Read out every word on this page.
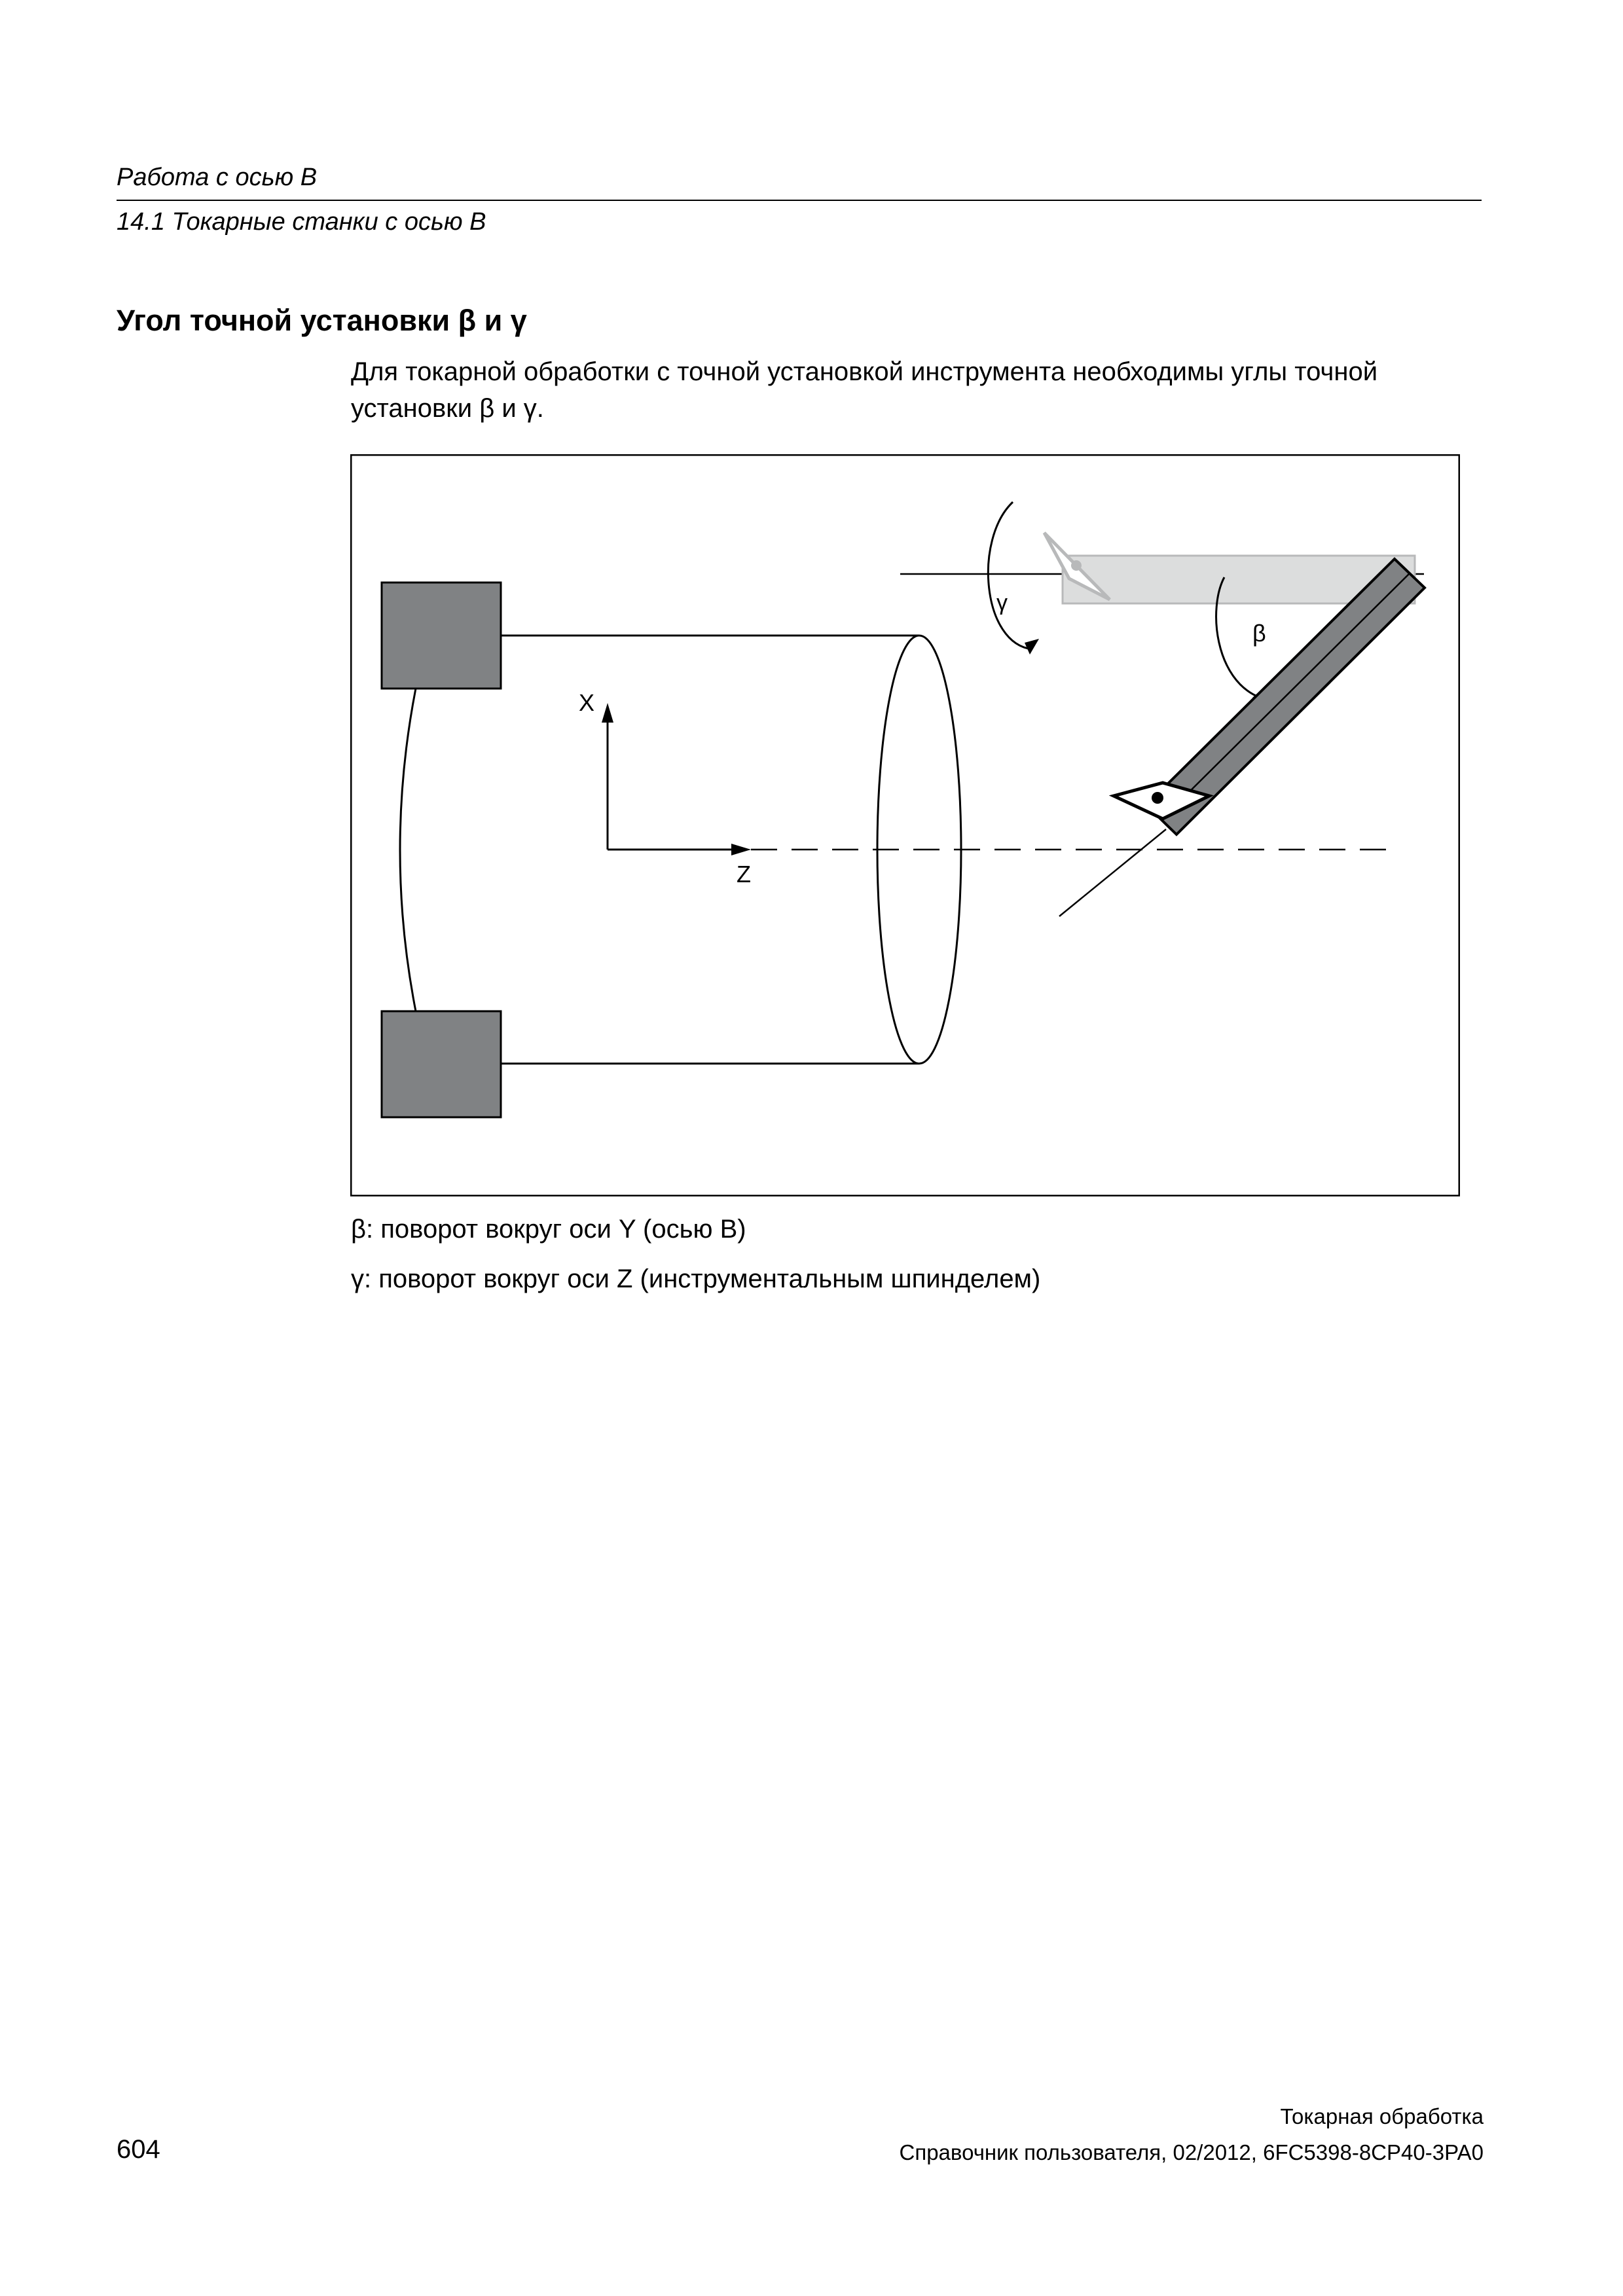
Работа с осью B
14.1 Токарные станки с осью B
Угол точной установки β и γ
Для токарной обработки с точной установкой инструмента необходимы углы точной установки β и γ.
X
Z
γ
β
β: поворот вокруг оси Y (осью B)
γ: поворот вокруг оси Z (инструментальным шпинделем)
Токарная обработка
604	Справочник пользователя, 02/2012, 6FC5398-8CP40-3PA0
